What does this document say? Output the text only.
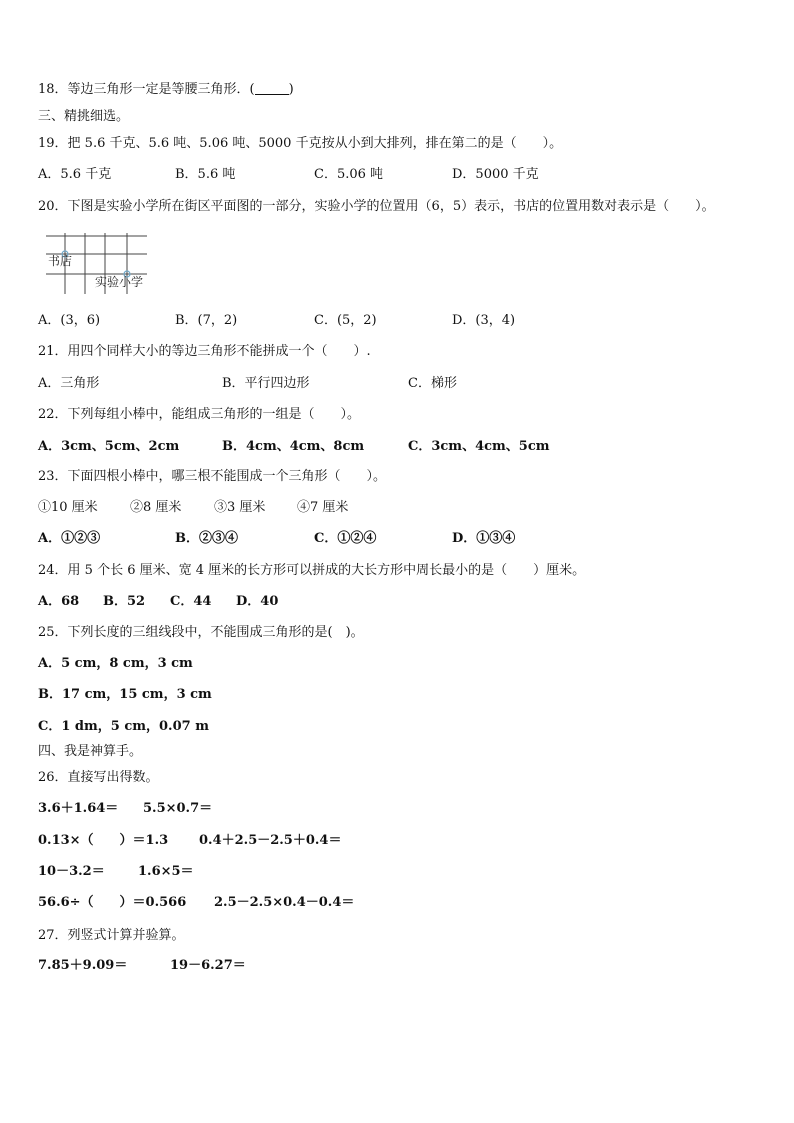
18．等边三角形一定是等腰三角形．(	)
三、精挑细选。
19．把 5.6 千克、5.6 吨、5.06 吨、5000 千克按从小到大排列，排在第二的是（　　）。
A．5.6 千克	B．5.6 吨	C．5.06 吨	D．5000 千克
20．下图是实验小学所在街区平面图的一部分，实验小学的位置用（6，5）表示，书店的位置用数对表示是（　　）。
书店
实验小学
A．(3，6)	B．(7，2)	C．(5，2)	D．(3，4)
21．用四个同样大小的等边三角形不能拼成一个（　　）.
A．三角形	B．平行四边形	C．梯形
22．下列每组小棒中，能组成三角形的一组是（　　）。
A．3cm、5cm、2cm	B．4cm、4cm、8cm	C．3cm、4cm、5cm
23．下面四根小棒中，哪三根不能围成一个三角形（　　）。
①10 厘米 ②8 厘米	③3 厘米 ④7 厘米
A．①②③	B．②③④	C．①②④	D．①③④
24．用 5 个长 6 厘米、宽 4 厘米的长方形可以拼成的大长方形中周长最小的是（　　）厘米。
A．68 B．52 C．44 D．40
25．下列长度的三组线段中，不能围成三角形的是(　)。
A．5 cm，8 cm，3 cm
B．17 cm，15 cm，3 cm
C．1 dm，5 cm，0.07 m
四、我是神算手。
26．直接写出得数。
3.6＋1.64＝ 5.5×0.7＝
0.13×（　　）＝1.3 0.4＋2.5－2.5＋0.4＝
10－3.2＝	1.6×5＝
56.6÷（　　）＝0.566 2.5－2.5×0.4－0.4＝
27．列竖式计算并验算。
7.85＋9.09＝	19－6.27＝
